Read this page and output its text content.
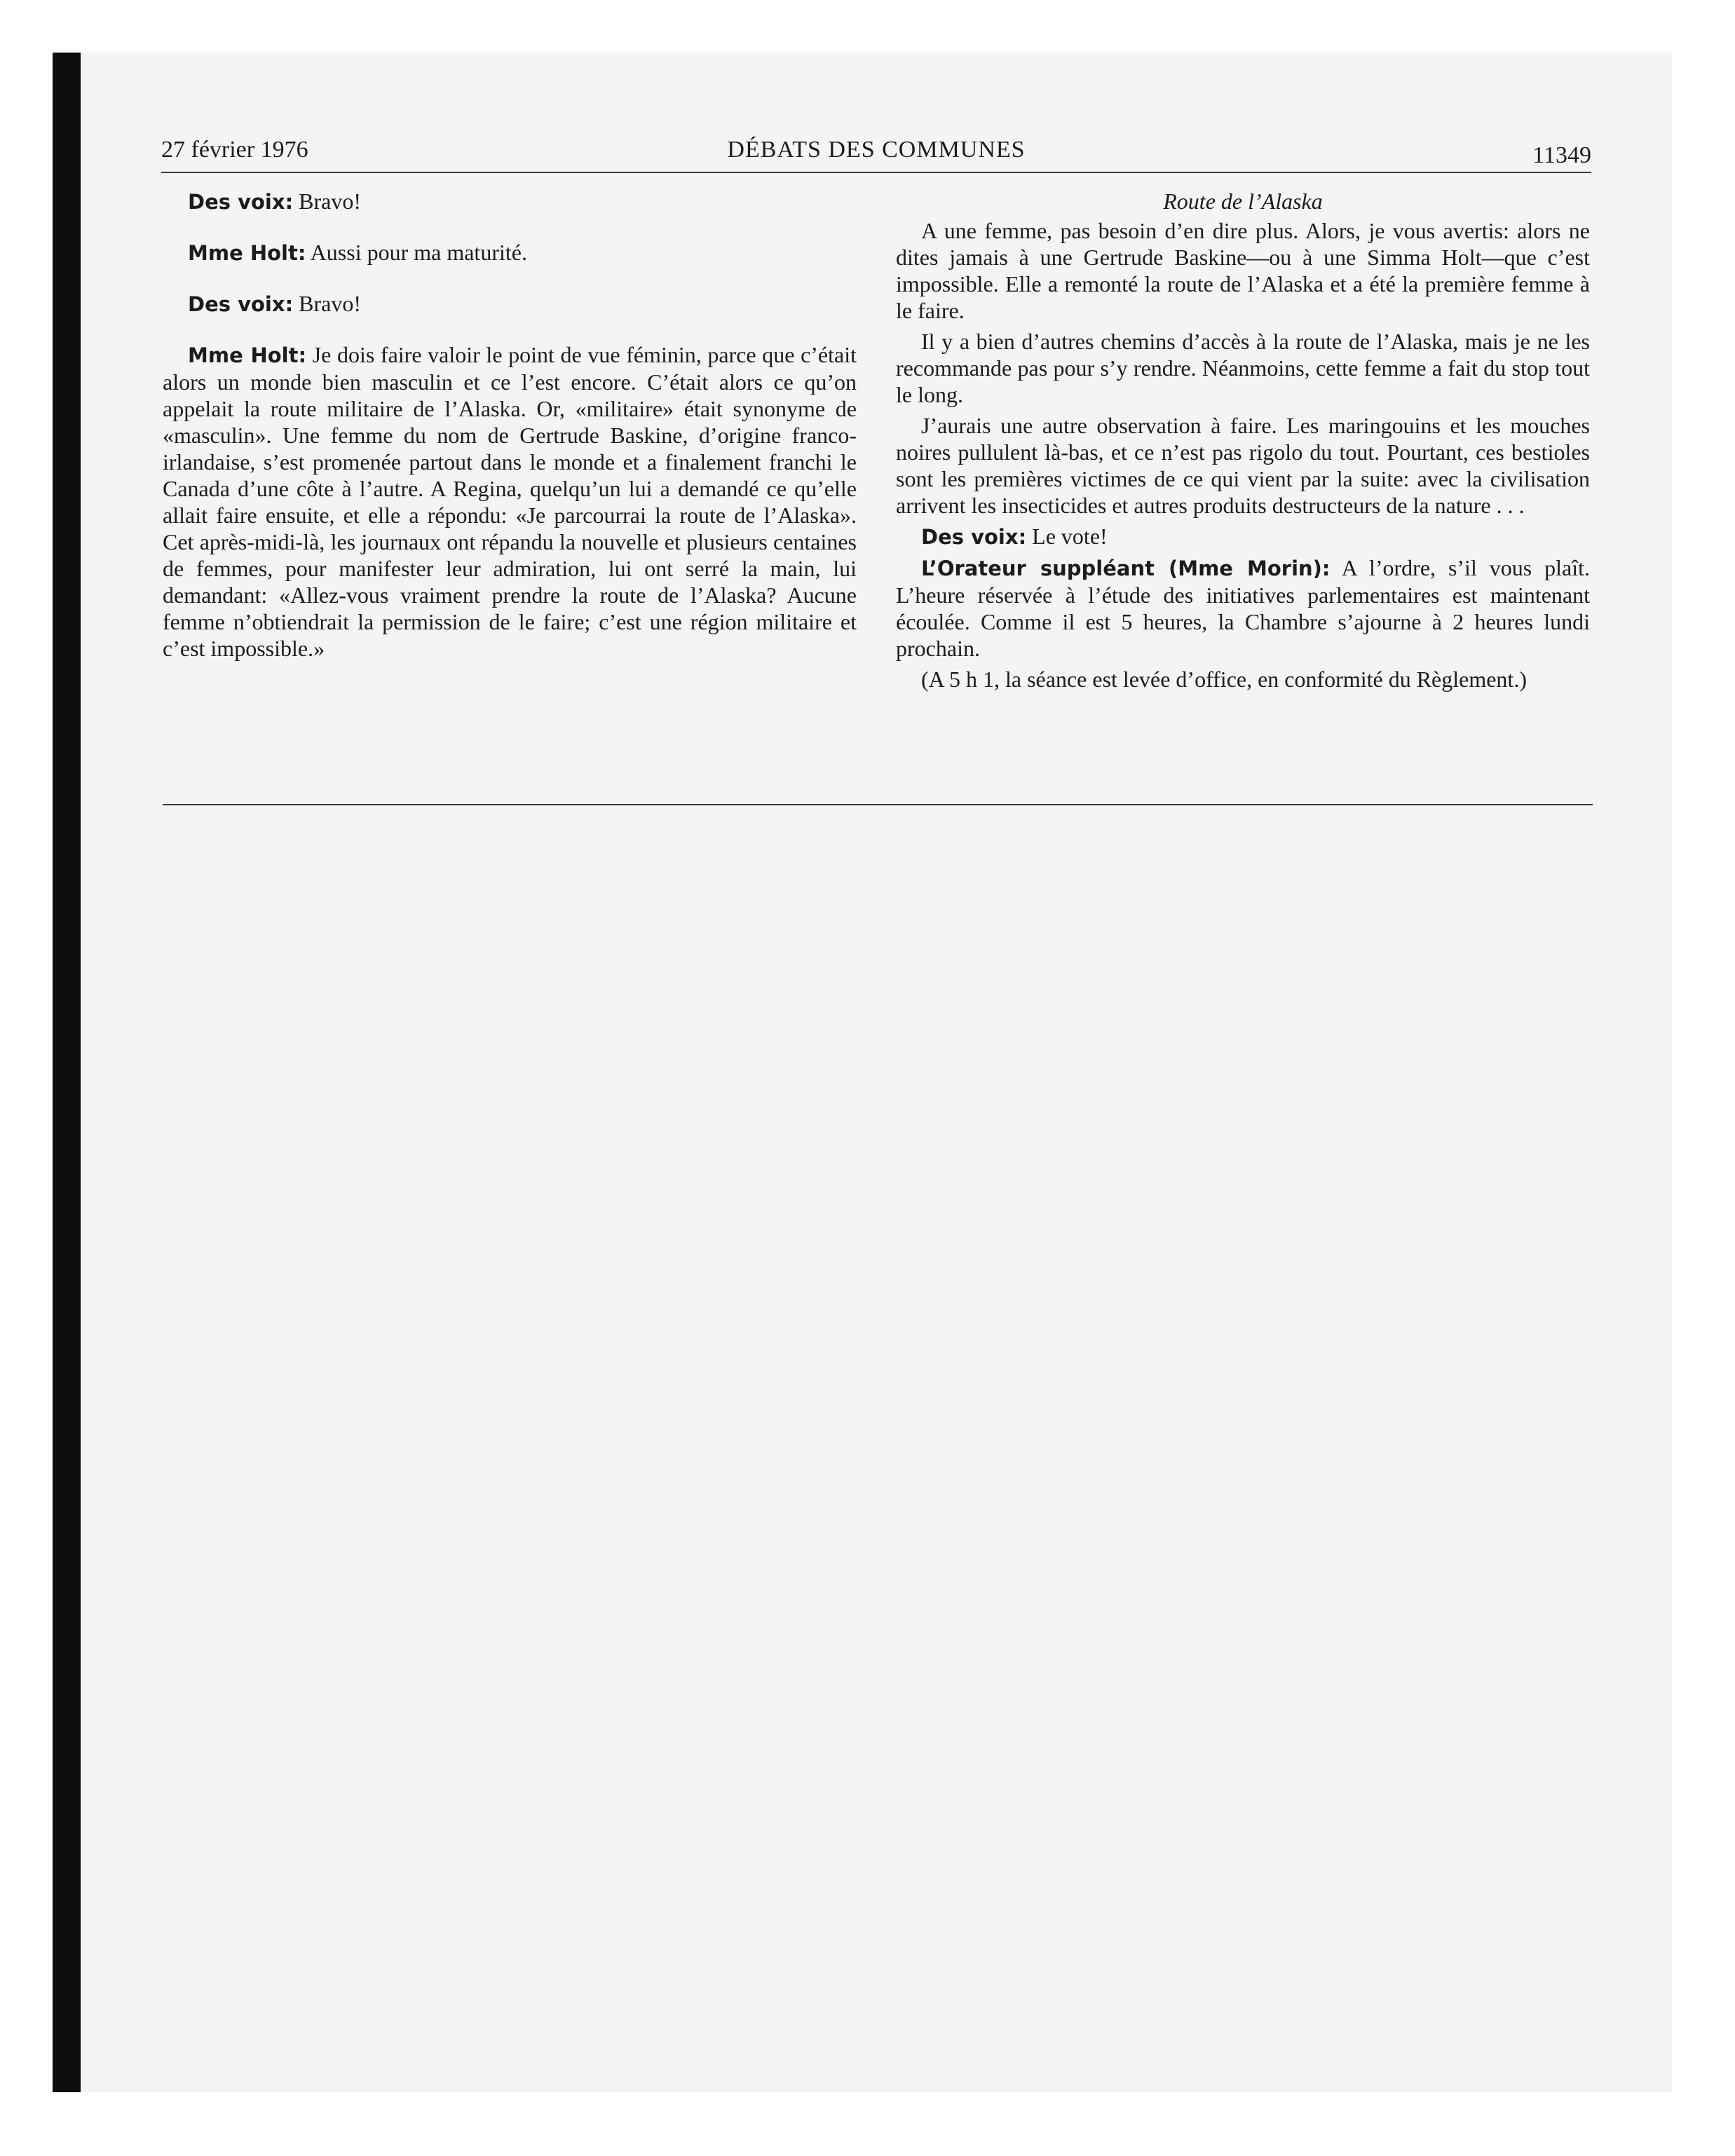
27 février 1976	DÉBATS DES COMMUNES	11349

Des voix: Bravo!

Mme Holt: Aussi pour ma maturité.

Des voix: Bravo!

Mme Holt: Je dois faire valoir le point de vue féminin, parce que c’était alors un monde bien masculin et ce l’est encore. C’était alors ce qu’on appelait la route militaire de l’Alaska. Or, «militaire» était synonyme de «masculin». Une femme du nom de Gertrude Baskine, d’origine franco-irlandaise, s’est promenée partout dans le monde et a finalement franchi le Canada d’une côte à l’autre. A Regina, quelqu’un lui a demandé ce qu’elle allait faire ensuite, et elle a répondu: «Je parcourrai la route de l’Alaska». Cet après-midi-là, les journaux ont répandu la nouvelle et plusieurs centaines de femmes, pour manifester leur admiration, lui ont serré la main, lui demandant: «Allez-vous vraiment prendre la route de l’Alaska? Aucune femme n’obtiendrait la permission de le faire; c’est une région militaire et c’est impossible.»

Route de l’Alaska

A une femme, pas besoin d’en dire plus. Alors, je vous avertis: alors ne dites jamais à une Gertrude Baskine—ou à une Simma Holt—que c’est impossible. Elle a remonté la route de l’Alaska et a été la première femme à le faire.

Il y a bien d’autres chemins d’accès à la route de l’Alaska, mais je ne les recommande pas pour s’y rendre. Néanmoins, cette femme a fait du stop tout le long.

J’aurais une autre observation à faire. Les maringouins et les mouches noires pullulent là-bas, et ce n’est pas rigolo du tout. Pourtant, ces bestioles sont les premières victimes de ce qui vient par la suite: avec la civilisation arrivent les insecticides et autres produits destructeurs de la nature . . .

Des voix: Le vote!

L’Orateur suppléant (Mme Morin): A l’ordre, s’il vous plaît. L’heure réservée à l’étude des initiatives parlementaires est maintenant écoulée. Comme il est 5 heures, la Chambre s’ajourne à 2 heures lundi prochain.

(A 5 h 1, la séance est levée d’office, en conformité du Règlement.)
